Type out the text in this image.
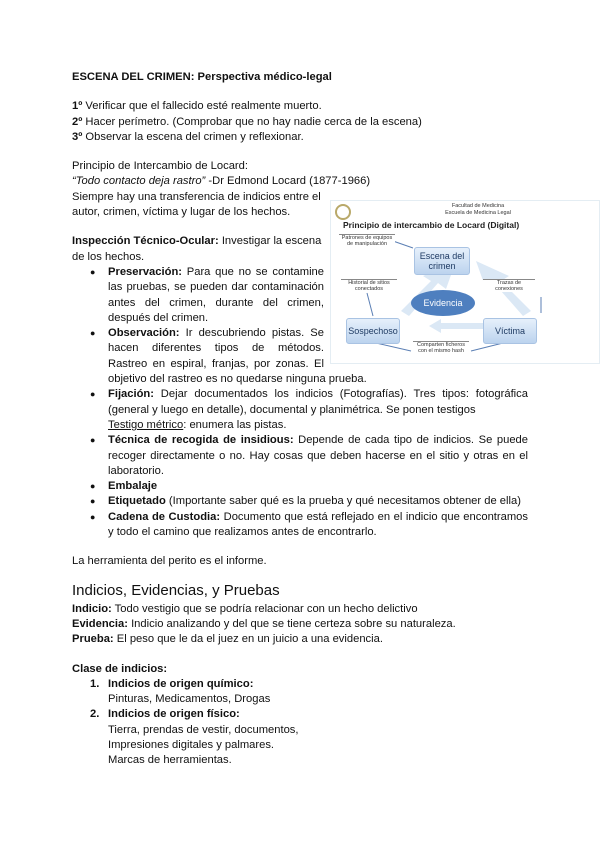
ESCENA DEL CRIMEN: Perspectiva médico-legal

1º Verificar que el fallecido esté realmente muerto.

2º Hacer perímetro. (Comprobar que no hay nadie cerca de la escena)

3º Observar la escena del crimen y reflexionar.

Principio de Intercambio de Locard:

“Todo contacto deja rastro” -Dr Edmond Locard (1877-1966)

Facultad de Medicina
Escuela de Medicina Legal
Principio de intercambio de Locard (Digital)
Patrones de equipos de manipulación
Historial de sitios conectados
Trazas de conexiones
Comparten ficheros con el mismo hash
Escena del crimen
Evidencia
Sospechoso	Víctima

Siempre hay una transferencia de indicios entre el autor, crimen, víctima y lugar de los hechos.

Inspección Técnico-Ocular: Investigar la escena de los hechos.

● Preservación: Para que no se contamine las pruebas, se pueden dar contaminación antes del crimen, durante del crimen, después del crimen.
● Observación: Ir descubriendo pistas. Se hacen diferentes tipos de métodos. Rastreo en espiral, franjas, por zonas. El objetivo del rastreo es no quedarse ninguna prueba.
● Fijación: Dejar documentados los indicios (Fotografías). Tres tipos: fotográfica (general y luego en detalle), documental y planimétrica. Se ponen testigos
Testigo métrico: enumera las pistas.
● Técnica de recogida de insidious: Depende de cada tipo de indicios. Se puede recoger directamente o no. Hay cosas que deben hacerse en el sitio y otras en el laboratorio.
● Embalaje
● Etiquetado (Importante saber qué es la prueba y qué necesitamos obtener de ella)
● Cadena de Custodia: Documento que está reflejado en el indicio que encontramos y todo el camino que realizamos antes de encontrarlo.

La herramienta del perito es el informe.

Indicios, Evidencias, y Pruebas

Indicio: Todo vestigio que se podría relacionar con un hecho delictivo

Evidencia: Indicio analizando y del que se tiene certeza sobre su naturaleza.

Prueba: El peso que le da el juez en un juicio a una evidencia.

Clase de indicios:

1. Indicios de origen químico:
Pinturas, Medicamentos, Drogas
2. Indicios de origen físico:
Tierra, prendas de vestir, documentos,
Impresiones digitales y palmares.
Marcas de herramientas.
